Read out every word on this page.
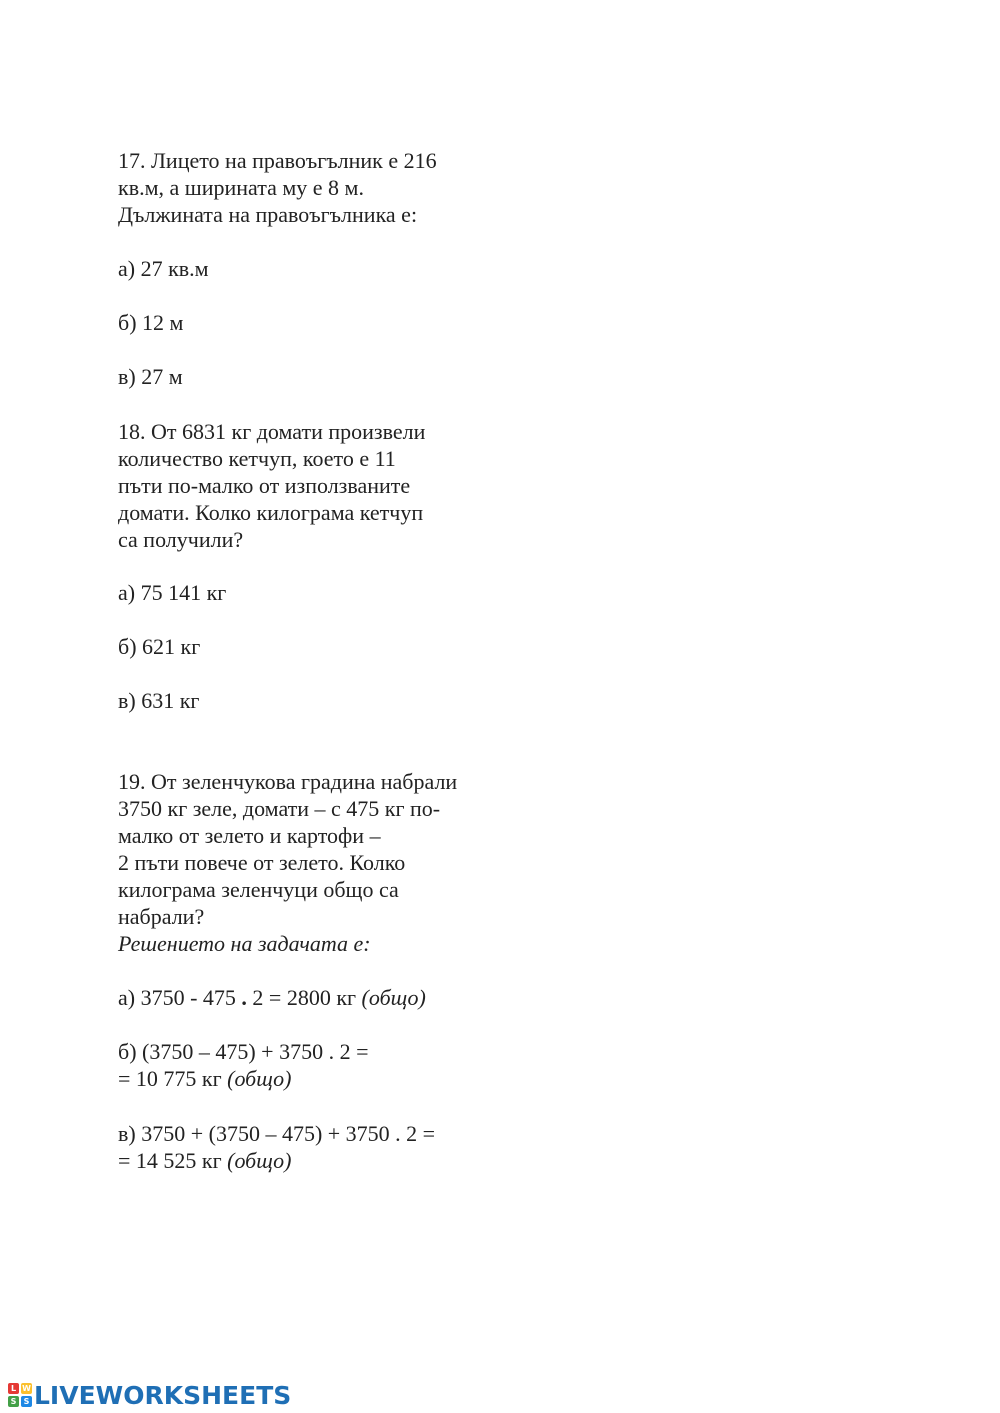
17. Лицето на правоъгълник е 216
кв.м, а ширината му е 8 м.
Дължината на правоъгълника е:
а) 27 кв.м
б) 12 м
в) 27 м
18. От 6831 кг домати произвели
количество кетчуп, което е 11
пъти по-малко от използваните
домати. Колко килограма кетчуп
са получили?
а) 75 141 кг
б) 621 кг
в) 631 кг
19. От зеленчукова градина набрали
3750 кг зеле, домати – с 475 кг по-
малко от зелето и картофи –
2 пъти повече от зелето. Колко
килограма зеленчуци общо са
набрали?
Решението на задачата е:
а) 3750 - 475 . 2 = 2800 кг (общо)
б) (3750 – 475) + 3750 . 2 =
= 10 775 кг (общо)
в) 3750 + (3750 – 475) + 3750 . 2 =
= 14 525 кг (общо)
L W
S S LIVEWORKSHEETS
